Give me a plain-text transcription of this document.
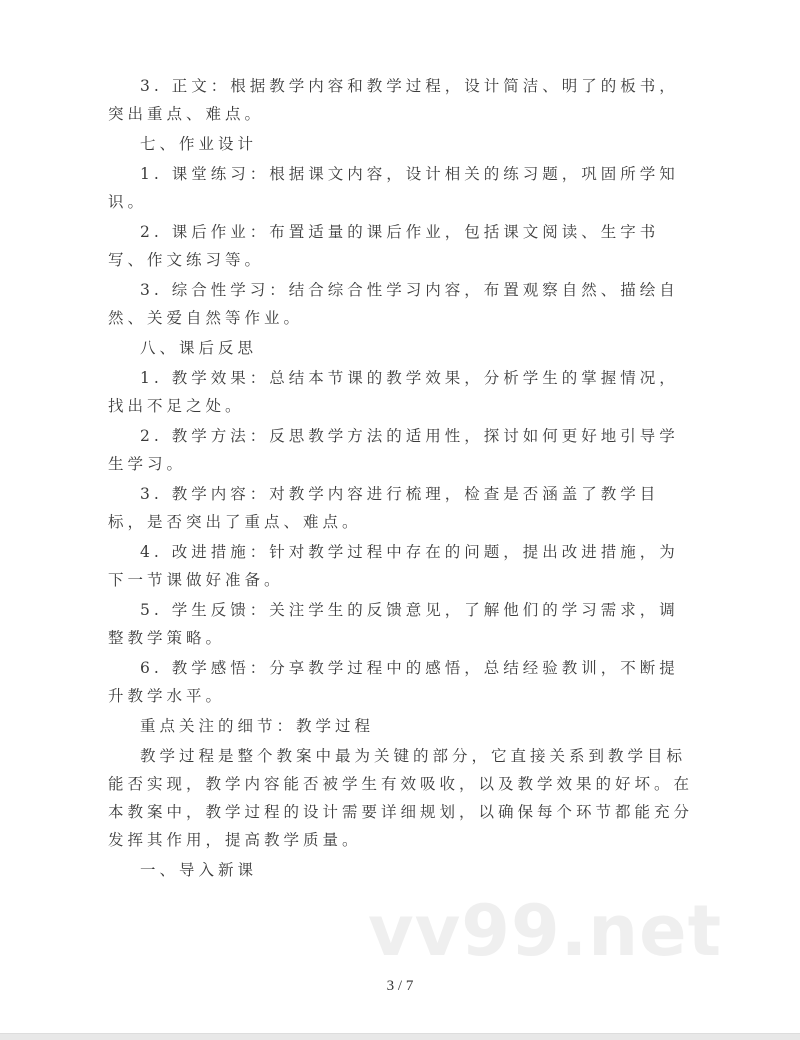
3. 正文：根据教学内容和教学过程，设计简洁、明了的板书，突出重点、难点。

七、作业设计

1. 课堂练习：根据课文内容，设计相关的练习题，巩固所学知识。

2. 课后作业：布置适量的课后作业，包括课文阅读、生字书写、作文练习等。

3. 综合性学习：结合综合性学习内容，布置观察自然、描绘自然、关爱自然等作业。

八、课后反思

1. 教学效果：总结本节课的教学效果，分析学生的掌握情况，找出不足之处。

2. 教学方法：反思教学方法的适用性，探讨如何更好地引导学生学习。

3. 教学内容：对教学内容进行梳理，检查是否涵盖了教学目标，是否突出了重点、难点。

4. 改进措施：针对教学过程中存在的问题，提出改进措施，为下一节课做好准备。

5. 学生反馈：关注学生的反馈意见，了解他们的学习需求，调整教学策略。

6. 教学感悟：分享教学过程中的感悟，总结经验教训，不断提升教学水平。

重点关注的细节：教学过程

教学过程是整个教案中最为关键的部分，它直接关系到教学目标能否实现，教学内容能否被学生有效吸收，以及教学效果的好坏。在本教案中，教学过程的设计需要详细规划，以确保每个环节都能充分发挥其作用，提高教学质量。

一、导入新课

vv99.net
3 / 7
